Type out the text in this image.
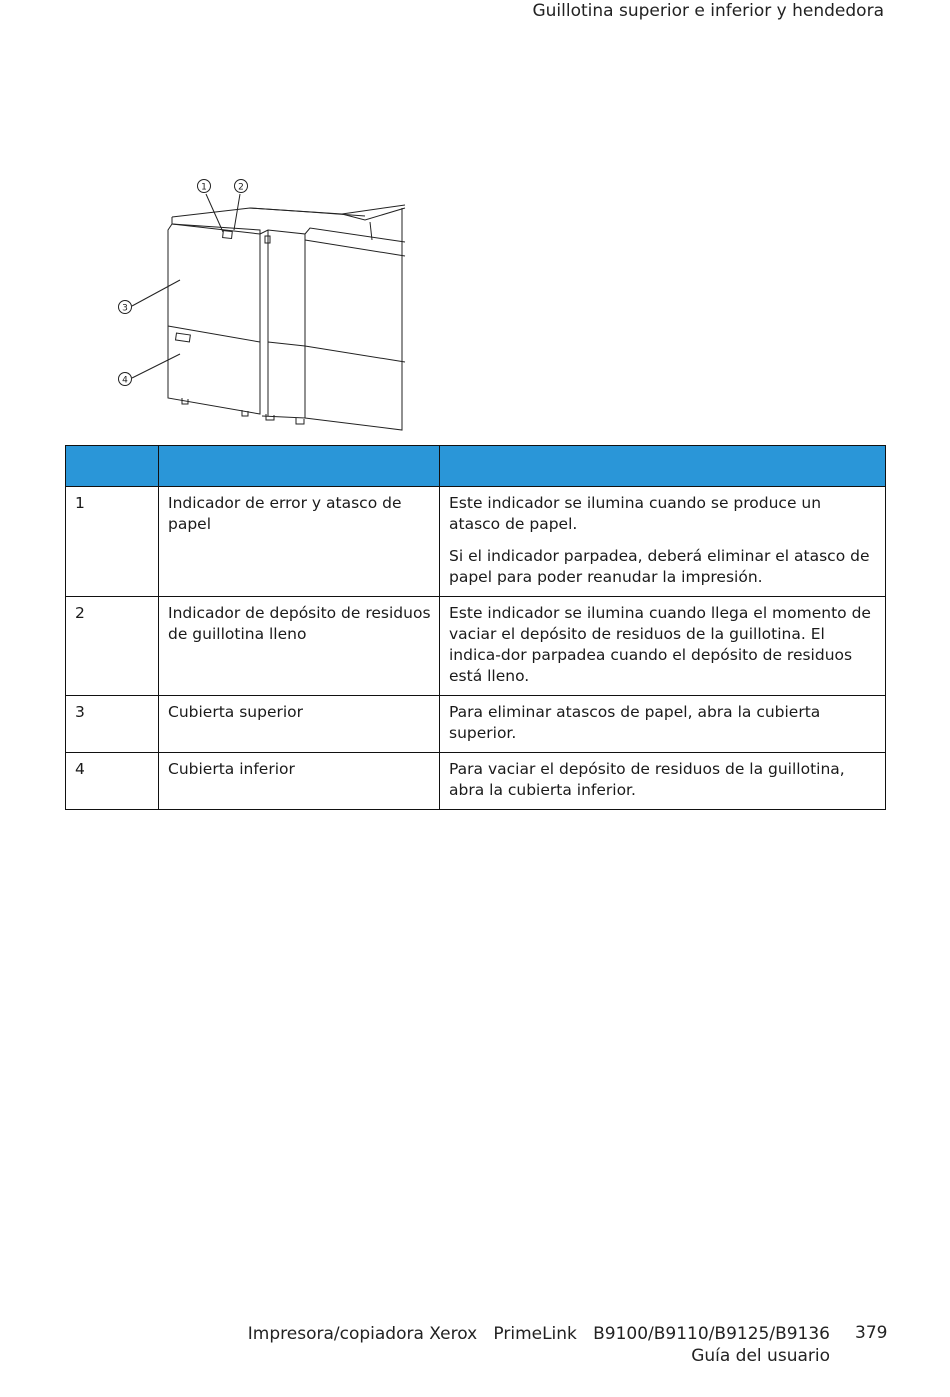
Guillotina superior e inferior y hendedora
1	2
3
4

1	Indicador de error y atasco de papel	Este indicador se ilumina cuando se produce un atasco de papel.

Si el indicador parpadea, deberá eliminar el atasco de papel para poder reanudar la impresión.

2	Indicador de depósito de residuos de guillotina lleno	Este indicador se ilumina cuando llega el momento de vaciar el depósito de residuos de la guillotina. El indica-dor parpadea cuando el depósito de residuos está lleno.

3	Cubierta superior	Para eliminar atascos de papel, abra la cubierta superior.

4	Cubierta inferior	Para vaciar el depósito de residuos de la guillotina, abra la cubierta inferior.

Impresora/copiadora Xerox   PrimeLink   B9100/B9110/B9125/B9136
Guía del usuario
379
